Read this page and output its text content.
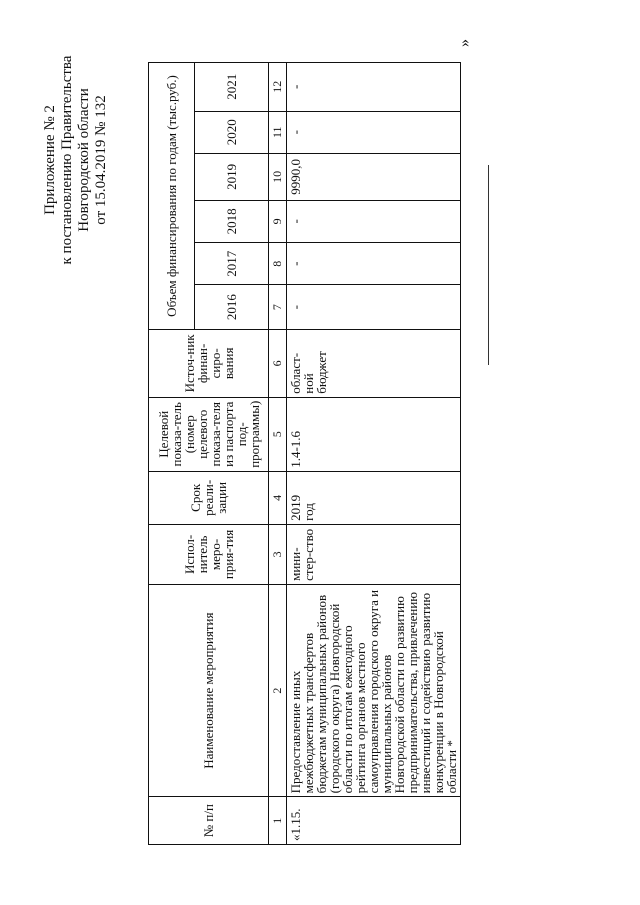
Приложение № 2 к постановлению Правительства Новгородской области от 15.04.2019 № 132
№ п/п	Наименование мероприятия	Испол-нитель меро-прия-тия	Срок реали-зации	Целевой показа-тель (номер целевого показа-теля из паспорта под-программы)	Источ-ник финан-сиро-вания	Объем финансирования по годам (тыс.руб.)					
						2016	2017	2018	2019	2020	2021
1	2	3	4	5	6	7	8	9	10	11	12
«1.15.	Предоставление иных межбюджетных трансфертов бюджетам муниципальных районов (городского округа) Новгородской области по итогам ежегодного рейтинга органов местного самоуправления городского округа и муниципальных районов Новгородской области по развитию предпринимательства, привлечению инвестиций и содействию развитию конкуренции в Новгородской области *	мини-стер-ство	2019 год	1.4-1.6	област-ной бюджет	-	-	-	9990,0	-	-
»
